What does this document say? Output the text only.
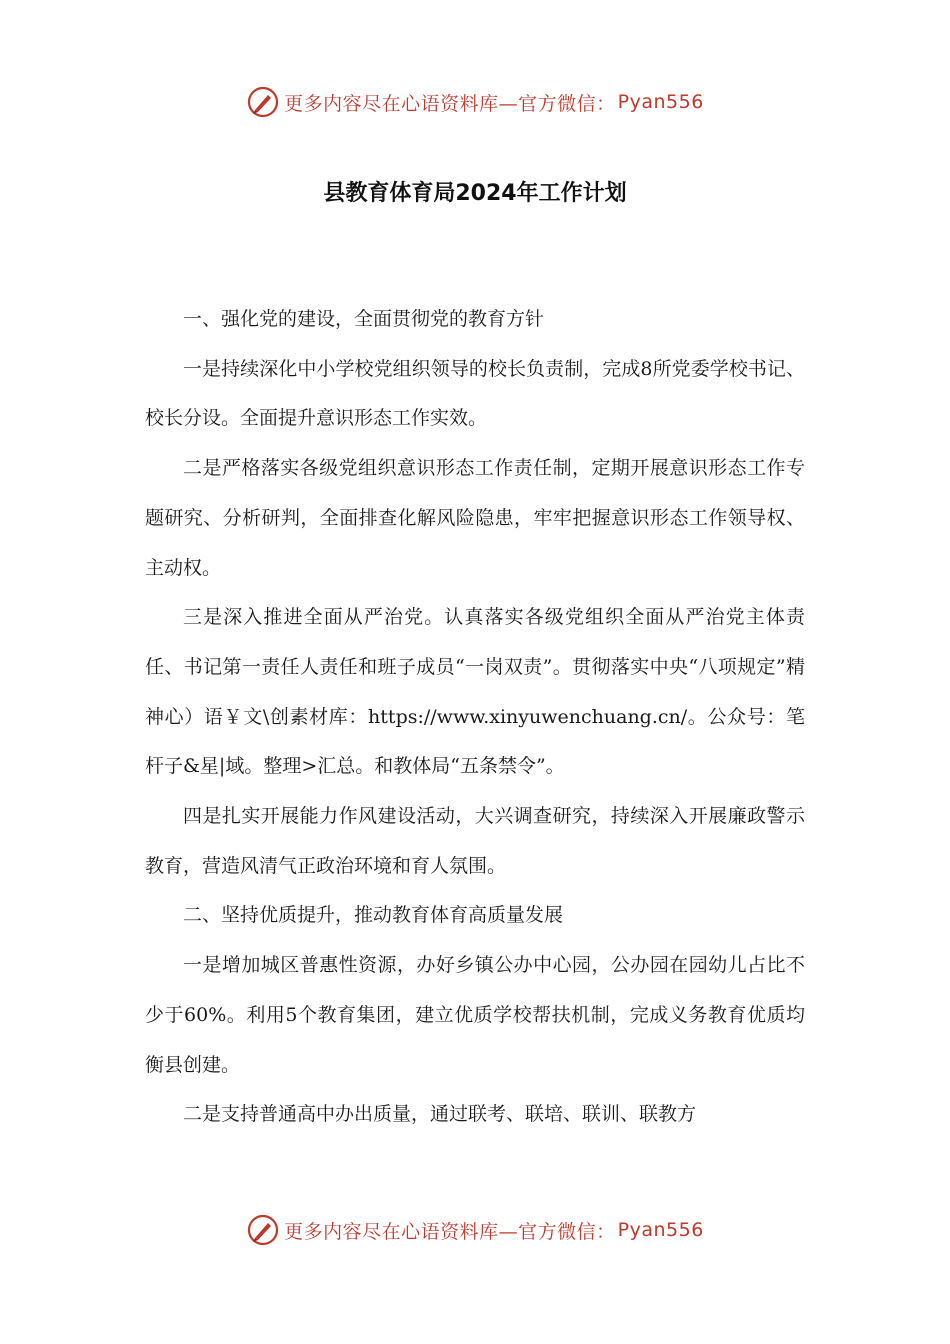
更多内容尽在心语资料库—官方微信： Pyan556
县教育体育局2024年工作计划

一、强化党的建设，全面贯彻党的教育方针

一是持续深化中小学校党组织领导的校长负责制，完成8所党委学校书记、校长分设。全面提升意识形态工作实效。

二是严格落实各级党组织意识形态工作责任制，定期开展意识形态工作专题研究、分析研判，全面排查化解风险隐患，牢牢把握意识形态工作领导权、主动权。

三是深入推进全面从严治党。认真落实各级党组织全面从严治党主体责任、书记第一责任人责任和班子成员“一岗双责”。贯彻落实中央“八项规定”精神心）语￥文\创素材库：https://www.xinyuwenchuang.cn/。公众号：笔杆子&星|域。整理>汇总。和教体局“五条禁令”。

四是扎实开展能力作风建设活动，大兴调查研究，持续深入开展廉政警示教育，营造风清气正政治环境和育人氛围。

二、坚持优质提升，推动教育体育高质量发展

一是增加城区普惠性资源，办好乡镇公办中心园，公办园在园幼儿占比不少于60%。利用5个教育集团，建立优质学校帮扶机制，完成义务教育优质均衡县创建。

二是支持普通高中办出质量，通过联考、联培、联训、联教方

更多内容尽在心语资料库—官方微信： Pyan556
